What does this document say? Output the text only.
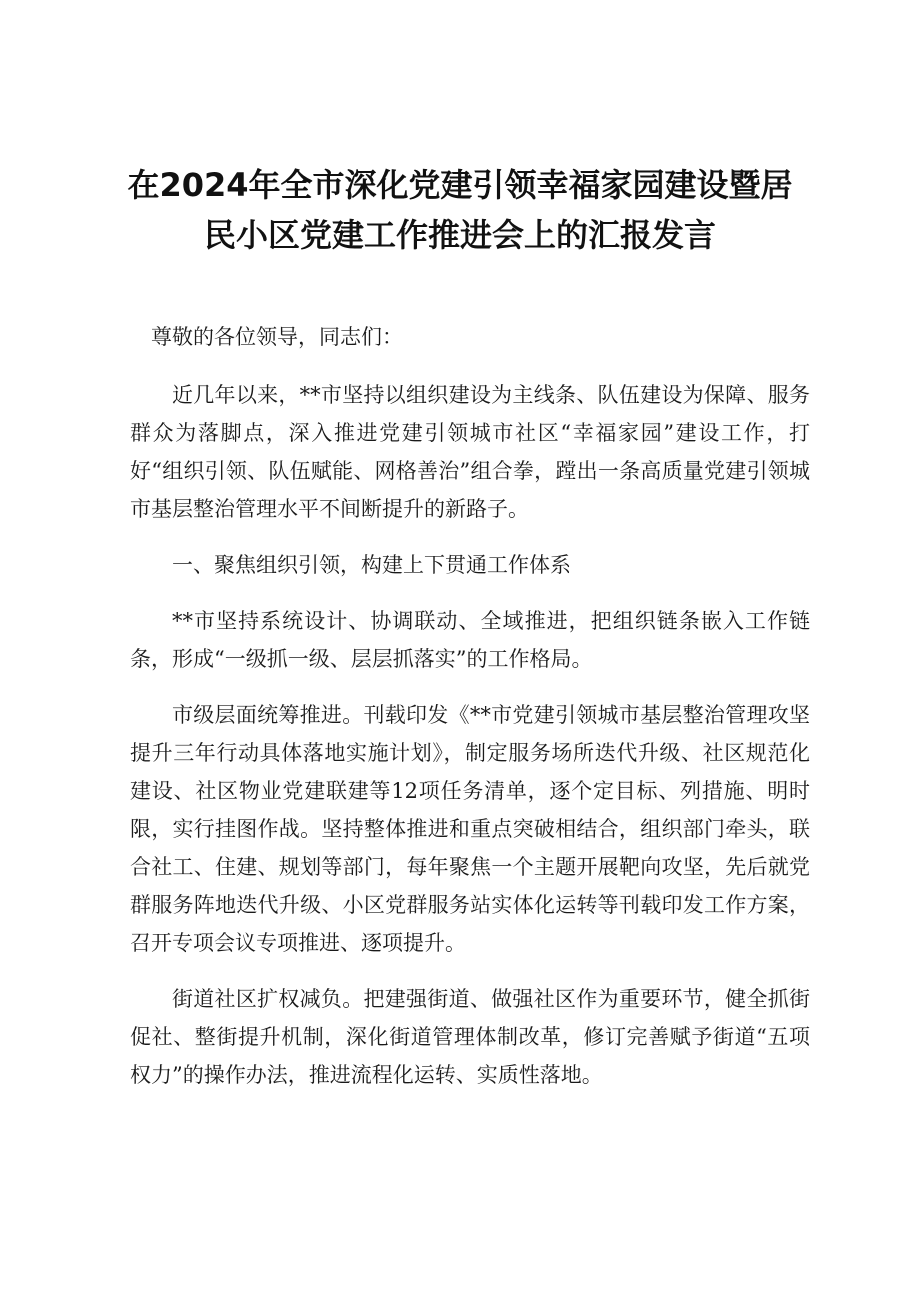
在2024年全市深化党建引领幸福家园建设暨居
民小区党建工作推进会上的汇报发言

尊敬的各位领导，同志们：

近几年以来，**市坚持以组织建设为主线条、队伍建设为保障、服务群众为落脚点，深入推进党建引领城市社区“幸福家园”建设工作，打好“组织引领、队伍赋能、网格善治”组合拳，蹚出一条高质量党建引领城市基层整治管理水平不间断提升的新路子。

一、聚焦组织引领，构建上下贯通工作体系

**市坚持系统设计、协调联动、全域推进，把组织链条嵌入工作链条，形成“一级抓一级、层层抓落实”的工作格局。

市级层面统筹推进。刊载印发《**市党建引领城市基层整治管理攻坚提升三年行动具体落地实施计划》，制定服务场所迭代升级、社区规范化建设、社区物业党建联建等12项任务清单，逐个定目标、列措施、明时限，实行挂图作战。坚持整体推进和重点突破相结合，组织部门牵头，联合社工、住建、规划等部门，每年聚焦一个主题开展靶向攻坚，先后就党群服务阵地迭代升级、小区党群服务站实体化运转等刊载印发工作方案，召开专项会议专项推进、逐项提升。

街道社区扩权减负。把建强街道、做强社区作为重要环节，健全抓街促社、整街提升机制，深化街道管理体制改革，修订完善赋予街道“五项权力”的操作办法，推进流程化运转、实质性落地。
